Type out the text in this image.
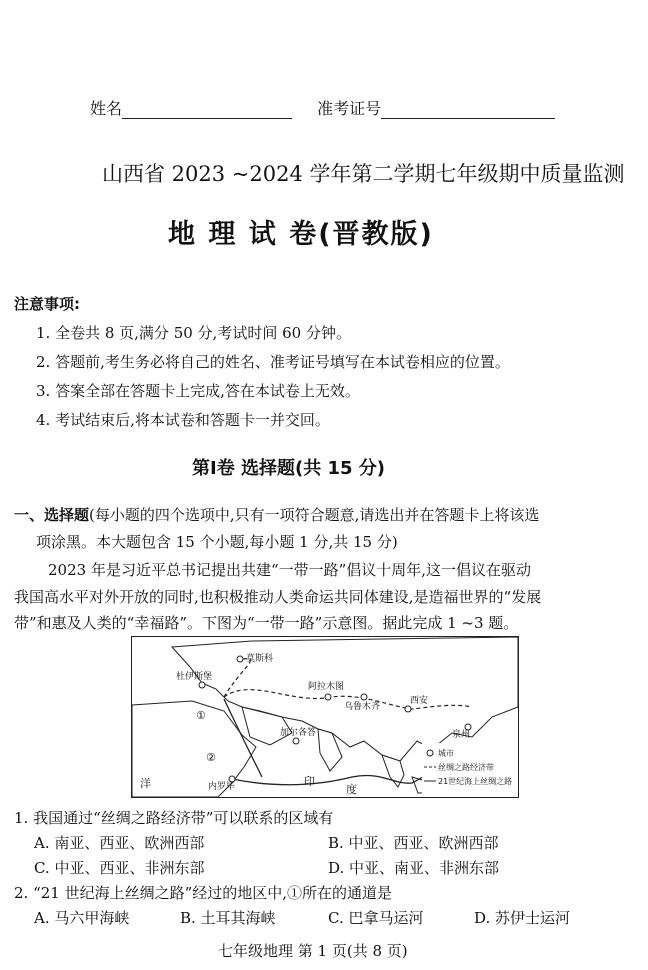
姓名	准考证号
山西省 2023 ~2024 学年第二学期七年级期中质量监测
地 理 试 卷(晋教版)
注意事项:
1. 全卷共 8 页,满分 50 分,考试时间 60 分钟。
2. 答题前,考生务必将自己的姓名、准考证号填写在本试卷相应的位置。
3. 答案全部在答题卡上完成,答在本试卷上无效。
4. 考试结束后,将本试卷和答题卡一并交回。
第Ⅰ卷 选择题(共 15 分)
一、选择题(每小题的四个选项中,只有一项符合题意,请选出并在答题卡上将该选
项涂黑。本大题包含 15 个小题,每小题 1 分,共 15 分)
2023 年是习近平总书记提出共建“一带一路”倡议十周年,这一倡议在驱动
我国高水平对外开放的同时,也积极推动人类命运共同体建设,是造福世界的“发展
带”和惠及人类的“幸福路”。下图为“一带一路”示意图。据此完成 1 ~3 题。
莫斯科
杜伊斯堡
阿拉木图
乌鲁木齐
西安
泉州
加尔各答
内罗毕
①
②
洋	印
度
城市
丝绸之路经济带
21世纪海上丝绸之路
1. 我国通过“丝绸之路经济带”可以联系的区域有
A. 南亚、西亚、欧洲西部	B. 中亚、西亚、欧洲西部
C. 中亚、西亚、非洲东部	D. 中亚、南亚、非洲东部
2. “21 世纪海上丝绸之路”经过的地区中,①所在的通道是
A. 马六甲海峡	B. 土耳其海峡	C. 巴拿马运河	D. 苏伊士运河
七年级地理 第 1 页(共 8 页)
